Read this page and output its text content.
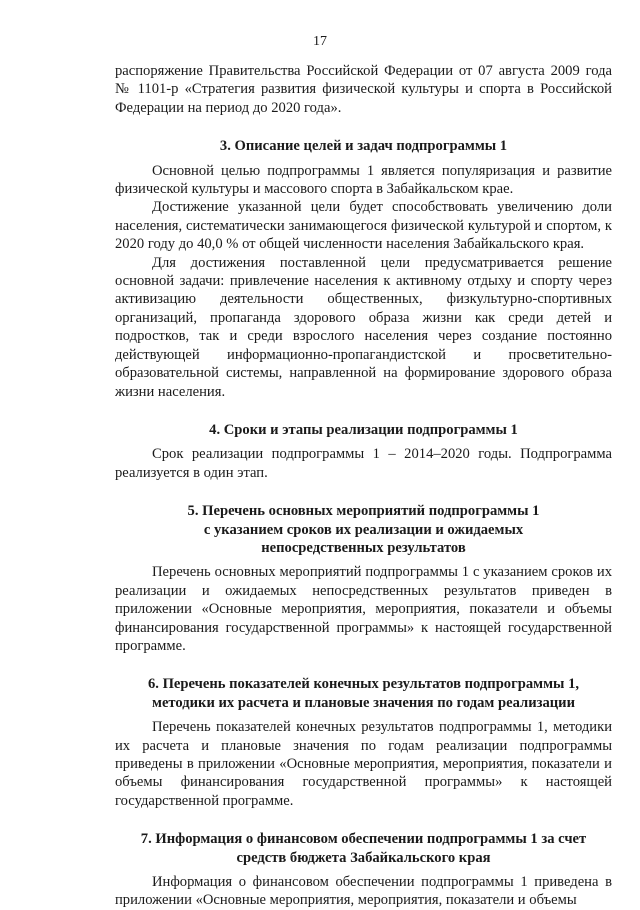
17

распоряжение Правительства Российской Федерации от 07 августа 2009 года № 1101-р «Стратегия развития физической культуры и спорта в Российской Федерации на период до 2020 года».

3. Описание целей и задач подпрограммы 1

Основной целью подпрограммы 1 является популяризация и развитие физической культуры и массового спорта в Забайкальском крае.

Достижение указанной цели будет способствовать увеличению доли населения, систематически занимающегося физической культурой и спортом, к 2020 году до 40,0 % от общей численности населения Забайкальского края.

Для достижения поставленной цели предусматривается решение основной задачи: привлечение населения к активному отдыху и спорту через активизацию деятельности общественных, физкультурно-спортивных организаций, пропаганда здорового образа жизни как среди детей и подростков, так и среди взрослого населения через создание постоянно действующей информационно-пропагандистской и просветительно-образовательной системы, направленной на формирование здорового образа жизни населения.

4. Сроки и этапы реализации подпрограммы 1

Срок реализации подпрограммы 1 – 2014–2020 годы. Подпрограмма реализуется в один этап.

5. Перечень основных мероприятий подпрограммы 1
с указанием сроков их реализации и ожидаемых
непосредственных результатов

Перечень основных мероприятий подпрограммы 1 с указанием сроков их реализации и ожидаемых непосредственных результатов приведен в приложении «Основные мероприятия, мероприятия, показатели и объемы финансирования государственной программы» к настоящей государственной программе.

6. Перечень показателей конечных результатов подпрограммы 1,
методики их расчета и плановые значения по годам реализации

Перечень показателей конечных результатов подпрограммы 1, методики их расчета и плановые значения по годам реализации подпрограммы приведены в приложении «Основные мероприятия, мероприятия, показатели и объемы финансирования государственной программы» к настоящей государственной программе.

7. Информация о финансовом обеспечении подпрограммы 1 за счет
средств бюджета Забайкальского края

Информация о финансовом обеспечении подпрограммы 1 приведена в приложении «Основные мероприятия, мероприятия, показатели и объемы
